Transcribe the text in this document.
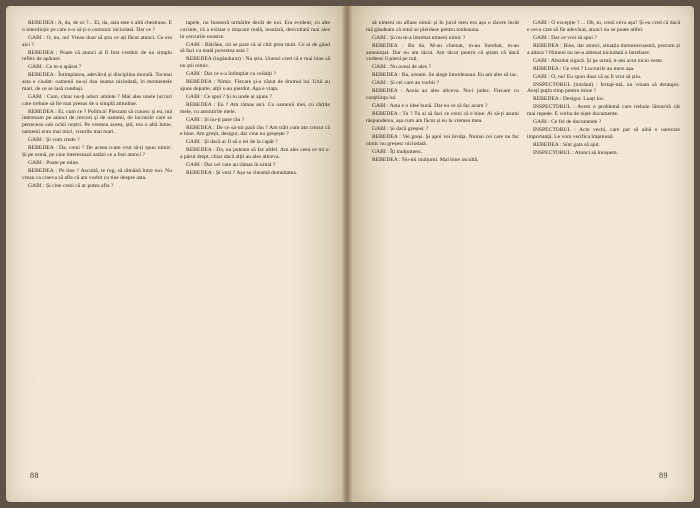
REBEDEA : A, da, de ce ?... Ei, da, asta este o altă chestiune. E o interdicție pe care n-o să ți-o comunic niciodată. Dar ce ?

GABI : O, nu, nu! Vreau doar să știu ce ați făcut atunci. Ce era aici ?

REBEDEA : Poate că atunci ai fi fost vrednic de un simplu reflex de apărare.

GABI : Ce te-a apărat ?

REBEDEA : Întimplarea, adevărul și disciplina morală. Tocmai asta e ciudat: oamenii nu-și dau seama niciodată, în momentele mari, de ce se lasă conduși.

GABI : Cum, chiar nu-ți aduci aminte ? Mai ales unele lucruri care trebuie să fie mai presus de o simplă atitudine.

REBEDEA : Ei, cum ce ? Politica! Pierzam să cunosc și eu, mă interesam pe atunci de cercuri și de oameni, de lucrurile care se petreceau sub ochii noștri. Pe vremea aceea, știi, era o altă lume, oamenii erau mai mici, visurile mai mari.

GABI : Și vom crede ?

REBEDEA : Da, crezi ? De aceea n-am vrut să-ți spun nimic. Și pe urmă, pe cine interesează astăzi ce a fost atunci ?

GABI : Poate pe mine.

REBEDEA : Pe tine ? Ascultă, te rog, să rămână între noi. Nu vreau ca cineva să afle că am vorbit cu tine despre asta.

GABI : Și cine crezi că ar putea afla ?

tapele, nu fuseseră urmărite decât de noi. Era evident, cu alte cuvinte, că a existat o mișcare reală, insulară, dezvoltată mai ales în cercurile noastre.

GABI : Bătrâne, mi se pare că ai citit prea mult. Ce ai de gând să faci cu toată povestea asta ?

REBEDEA (ingândurat) : Nu știu. Uneori cred că e mai bine să nu știi nimic.

GABI : Dar ce s-a întîmplat cu ceilalți ?

REBEDEA : Nimic. Fiecare și-a văzut de drumul lui. Unii au ajuns departe, alții s-au pierdut. Așa e viața.

GABI : Ce spui ? Și tu unde ai ajuns ?

REBEDEA : Eu ? Am rămas aici. Cu oamenii mei, cu cărțile mele, cu amintirile mele.

GABI : Și nu-ți pare rău ?

REBEDEA : De ce să-mi pară rău ? Am trăit cum am crezut că e bine. Am greșit, desigur, dar cine nu greșește ?

GABI : Și dacă ar fi să o iei de la capăt ?

REBEDEA : Da, nu puteam să fac altfel. Am ales ceea ce mi s-a părut drept, chiar dacă alții au ales altceva.

GABI : Dar cei care au rămas în urmă ?

REBEDEA : Și vezi ? Așa se cheamă demnitatea.

88

să nimeni nu aflase nimic și în jurul meu era așa o tăcere încât mă gândeam că totul se pierduse pentru totdeauna.

GABI : Și nu te-a întrebat nimeni nimic ?

REBEDEA : Ba da. M-au chemat, m-au întrebat, m-au amenințat. Dar eu am tăcut. Am tăcut pentru că știam că dacă vorbesc îi pierd pe toți.

GABI : Nu aveai de ales ?

REBEDEA : Ba, aveam. Se alege întotdeauna. Eu am ales să tac.

GABI : Și cei care au vorbit ?

REBEDEA : Aceia au ales altceva. Nu-i judec. Fiecare cu conștiința lui.

GABI : Asta e o idee bună. Dar eu ce să fac acum ?

REBEDEA : Tu ? Tu ai să faci ce crezi că e bine. Ai să-ți asumi răspunderea, așa cum am făcut și eu la vremea mea.

GABI : Și dacă greșesc ?

REBEDEA : Vei greși. Și apoi vei învăța. Numai cei care nu fac nimic nu greșesc niciodată.

GABI : Îți mulțumesc.

REBEDEA : Nu-mi mulțumi. Mai bine ascultă.

GABI : O excepție ? ... Oh, tu, crezi ceva așa? Și eu cred că dacă e ceva care să fie adevărat, atunci nu se poate altfel.

GABI : Dar ce vrei să spui ?

REBEDEA : Bine, dar atunci, situația dumneavoastră, precum și a altora ? Nimeni nu ne-a adresat niciodată o întrebare.

GABI : Absolut sigură. Și pe urmă, n-am avut nicio veste.

REBEDEA : Ce vrei ? Lucrurile au mers așa.

GABI : O, nu! Eu spun doar că aș fi vrut să știu.

INSPECTORUL (intrând) : Iertați-mă, nu voiam să deranjez. Aveți puțin timp pentru mine ?

REBEDEA : Desigur. Luați loc.

INSPECTORUL : Avem o problemă care trebuie lămurită cât mai repede. E vorba de niște documente.

GABI : Ce fel de documente ?

INSPECTORUL : Acte vechi, care par să aibă o oarecare importanță. Le vom verifica împreună.

REBEDEA : Sînt gata să ajut.

INSPECTORUL : Atunci să începem.

89
